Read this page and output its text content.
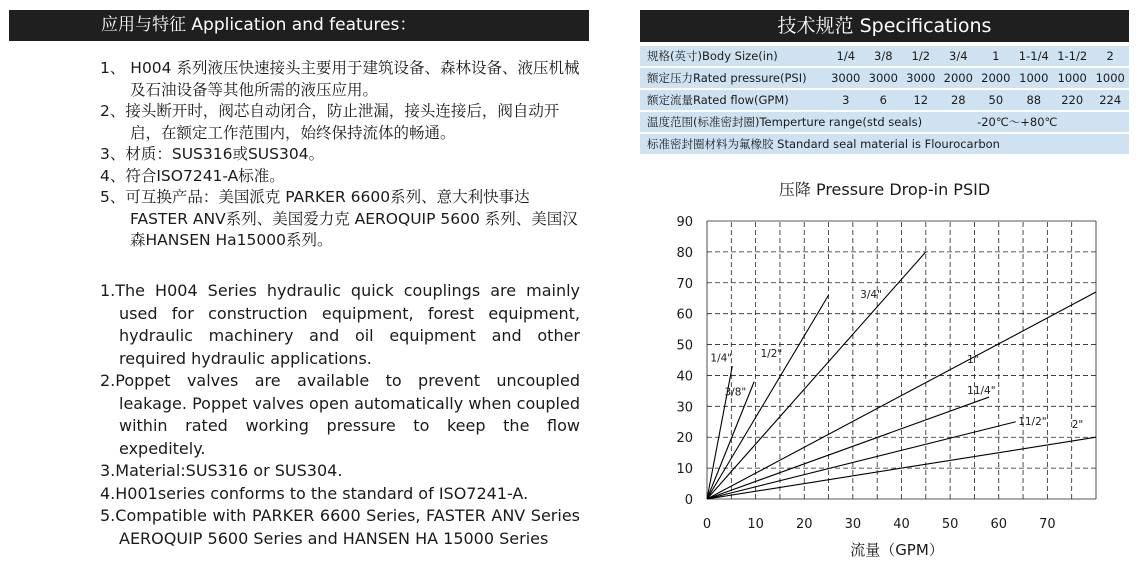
应用与特征 Application and features：
1、 H004 系列液压快速接头主要用于建筑设备、森林设备、液压机械及石油设备等其他所需的液压应用。
2、接头断开时，阀芯自动闭合，防止泄漏，接头连接后，阀自动开启，在额定工作范围内，始终保持流体的畅通。
3、材质：SUS316或SUS304。
4、符合ISO7241-A标准。
5、可互换产品：美国派克 PARKER 6600系列、意大利快事达 FASTER ANV系列、美国爱力克 AEROQUIP 5600 系列、美国汉森HANSEN Ha15000系列。
1.The H004 Series hydraulic quick couplings are mainly used for construction equipment, forest equipment, hydraulic machinery and oil equipment and other required hydraulic applications.
2.Poppet valves are available to prevent uncoupled leakage. Poppet valves open automatically when coupled within rated working pressure to keep the flow expeditely.
3.Material:SUS316 or SUS304.
4.H001series conforms to the standard of ISO7241-A.
5.Compatible with PARKER 6600 Series, FASTER ANV Series AEROQUIP 5600 Series and HANSEN HA 15000 Series
技术规范 Specifications
规格(英寸)Body Size(in)	1/4	3/8	1/2	3/4	1	1-1/4	1-1/2	2
额定压力Rated pressure(PSI)	3000	3000	3000	2000	2000	1000	1000	1000
额定流量Rated flow(GPM)	3	6	12	28	50	88	220	224
温度范围(标准密封圈)Temperture range(std seals)					-20℃～+80℃			
标准密封圈材料为氟橡胶 Standard seal material is Flourocarbon								
压降 Pressure Drop-in PSID
0
10
20
30
40
50
60
70
80
90
0	10 20 30 40 50 60 70
1/4"
3/8"
1/2"
3/4"
1"
11/4"
11/2" 2"
流量（GPM）
